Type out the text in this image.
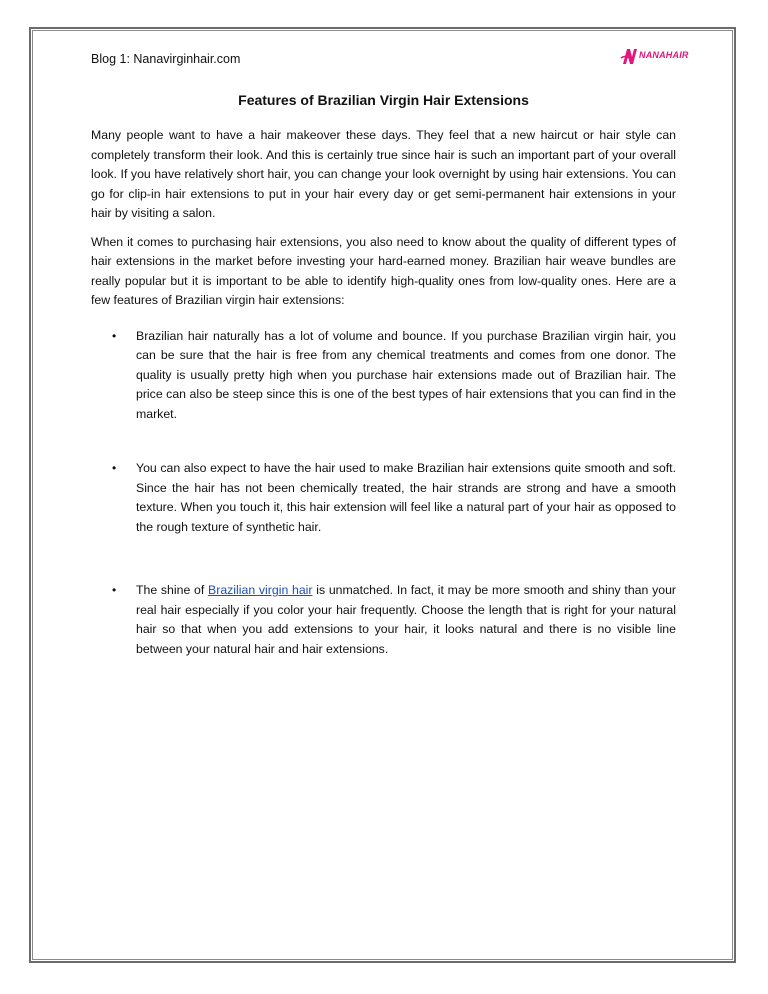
Blog 1: Nanavirginhair.com	NANAHAIR
Features of Brazilian Virgin Hair Extensions

Many people want to have a hair makeover these days. They feel that a new haircut or hair style can completely transform their look. And this is certainly true since hair is such an important part of your overall look. If you have relatively short hair, you can change your look overnight by using hair extensions. You can go for clip-in hair extensions to put in your hair every day or get semi-permanent hair extensions in your hair by visiting a salon.

When it comes to purchasing hair extensions, you also need to know about the quality of different types of hair extensions in the market before investing your hard-earned money. Brazilian hair weave bundles are really popular but it is important to be able to identify high-quality ones from low-quality ones. Here are a few features of Brazilian virgin hair extensions:

• Brazilian hair naturally has a lot of volume and bounce. If you purchase Brazilian virgin hair, you can be sure that the hair is free from any chemical treatments and comes from one donor. The quality is usually pretty high when you purchase hair extensions made out of Brazilian hair. The price can also be steep since this is one of the best types of hair extensions that you can find in the market.
• You can also expect to have the hair used to make Brazilian hair extensions quite smooth and soft. Since the hair has not been chemically treated, the hair strands are strong and have a smooth texture. When you touch it, this hair extension will feel like a natural part of your hair as opposed to the rough texture of synthetic hair.
• The shine of Brazilian virgin hair is unmatched. In fact, it may be more smooth and shiny than your real hair especially if you color your hair frequently. Choose the length that is right for your natural hair so that when you add extensions to your hair, it looks natural and there is no visible line between your natural hair and hair extensions.
